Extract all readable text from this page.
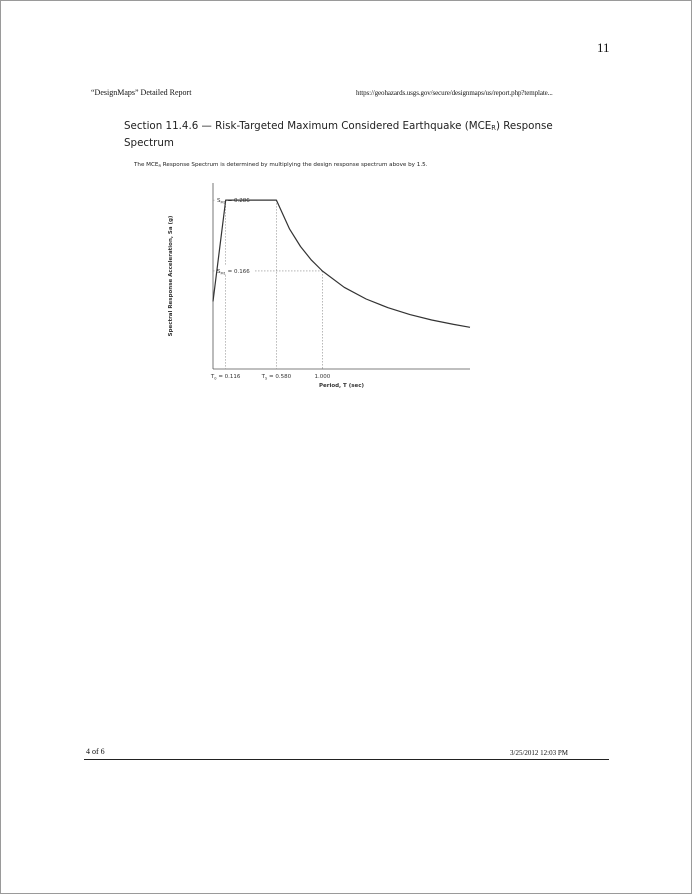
11
“DesignMaps” Detailed Report	https://geohazards.usgs.gov/secure/designmaps/us/report.php?template...
Section 11.4.6 — Risk-Targeted Maximum Considered Earthquake $(MCE_R)$ Response Spectrum
The $MCE_R$ Response Spectrum is determined by multiplying the design response spectrum above by 1.5.
$S_{MS} = 0.286$
$S_{M1} = 0.166$
$T_0 = 0.116$	$T_S = 0.580$	1.000
Period, T (sec)
Spectral Response Acceleration, Sa (g)
4 of 6	3/25/2012 12:03 PM
